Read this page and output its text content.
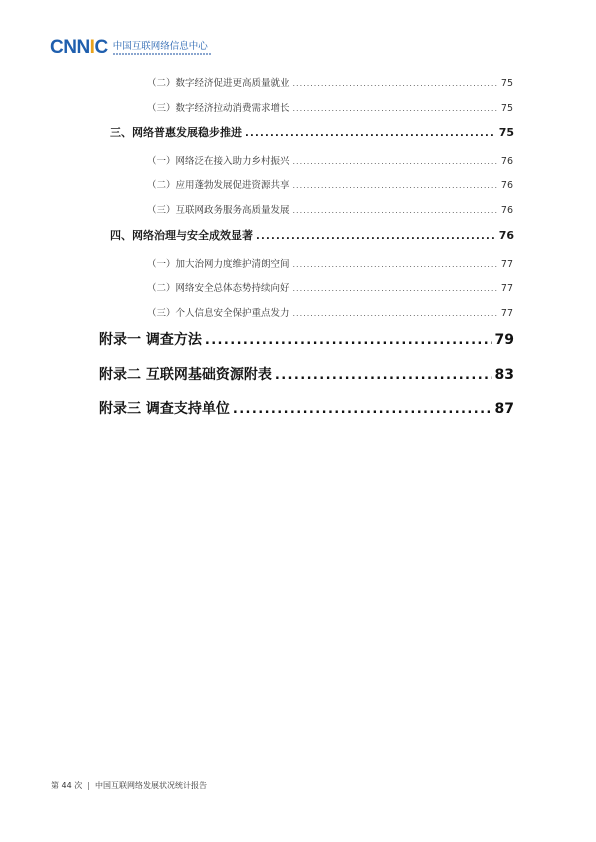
CNNIC 中国互联网络信息中心
（二）数字经济促进更高质量就业 .....	75
（三）数字经济拉动消费需求增长 .....	75
三、网络普惠发展稳步推进 .....	75
（一）网络泛在接入助力乡村振兴 .....	76
（二）应用蓬勃发展促进资源共享 .....	76
（三）互联网政务服务高质量发展 .....	76
四、网络治理与安全成效显著 .....	76
（一）加大治网力度维护清朗空间 .....	77
（二）网络安全总体态势持续向好 .....	77
（三）个人信息安全保护重点发力 .....	77
附录一 调查方法 .....	79
附录二 互联网基础资源附表 .....	83
附录三 调查支持单位 .....	87
第 44 次 | 中国互联网络发展状况统计报告
